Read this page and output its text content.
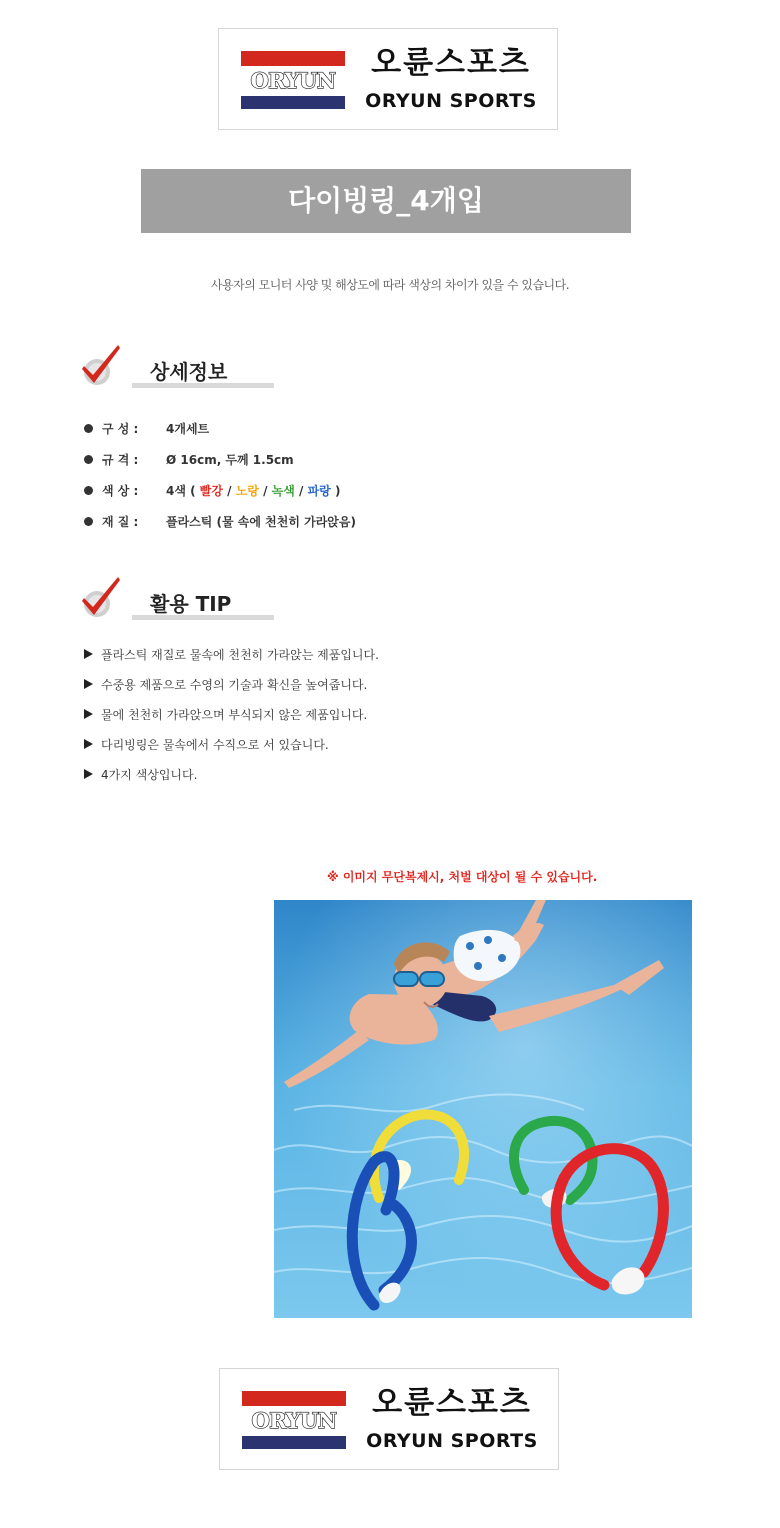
ORYUN	오륜스포츠
ORYUN SPORTS
다이빙링_4개입
사용자의 모니터 사양 및 해상도에 따라 색상의 차이가 있을 수 있습니다.
상세정보
구 성 :	4개세트
규 격 :	Ø 16cm, 두께 1.5cm
색 상 :	4색 ( 빨강 / 노랑 / 녹색 / 파랑 )
재 질 :	플라스틱 (물 속에 천천히 가라앉음)
활용 TIP
플라스틱 재질로 물속에 천천히 가라앉는 제품입니다.
수중용 제품으로 수영의 기술과 확신을 높여줍니다.
물에 천천히 가라앉으며 부식되지 않은 제품입니다.
다리빙링은 물속에서 수직으로 서 있습니다.
4가지 색상입니다.
※ 이미지 무단복제시, 처벌 대상이 될 수 있습니다.
ORYUN	오륜스포츠
ORYUN SPORTS
